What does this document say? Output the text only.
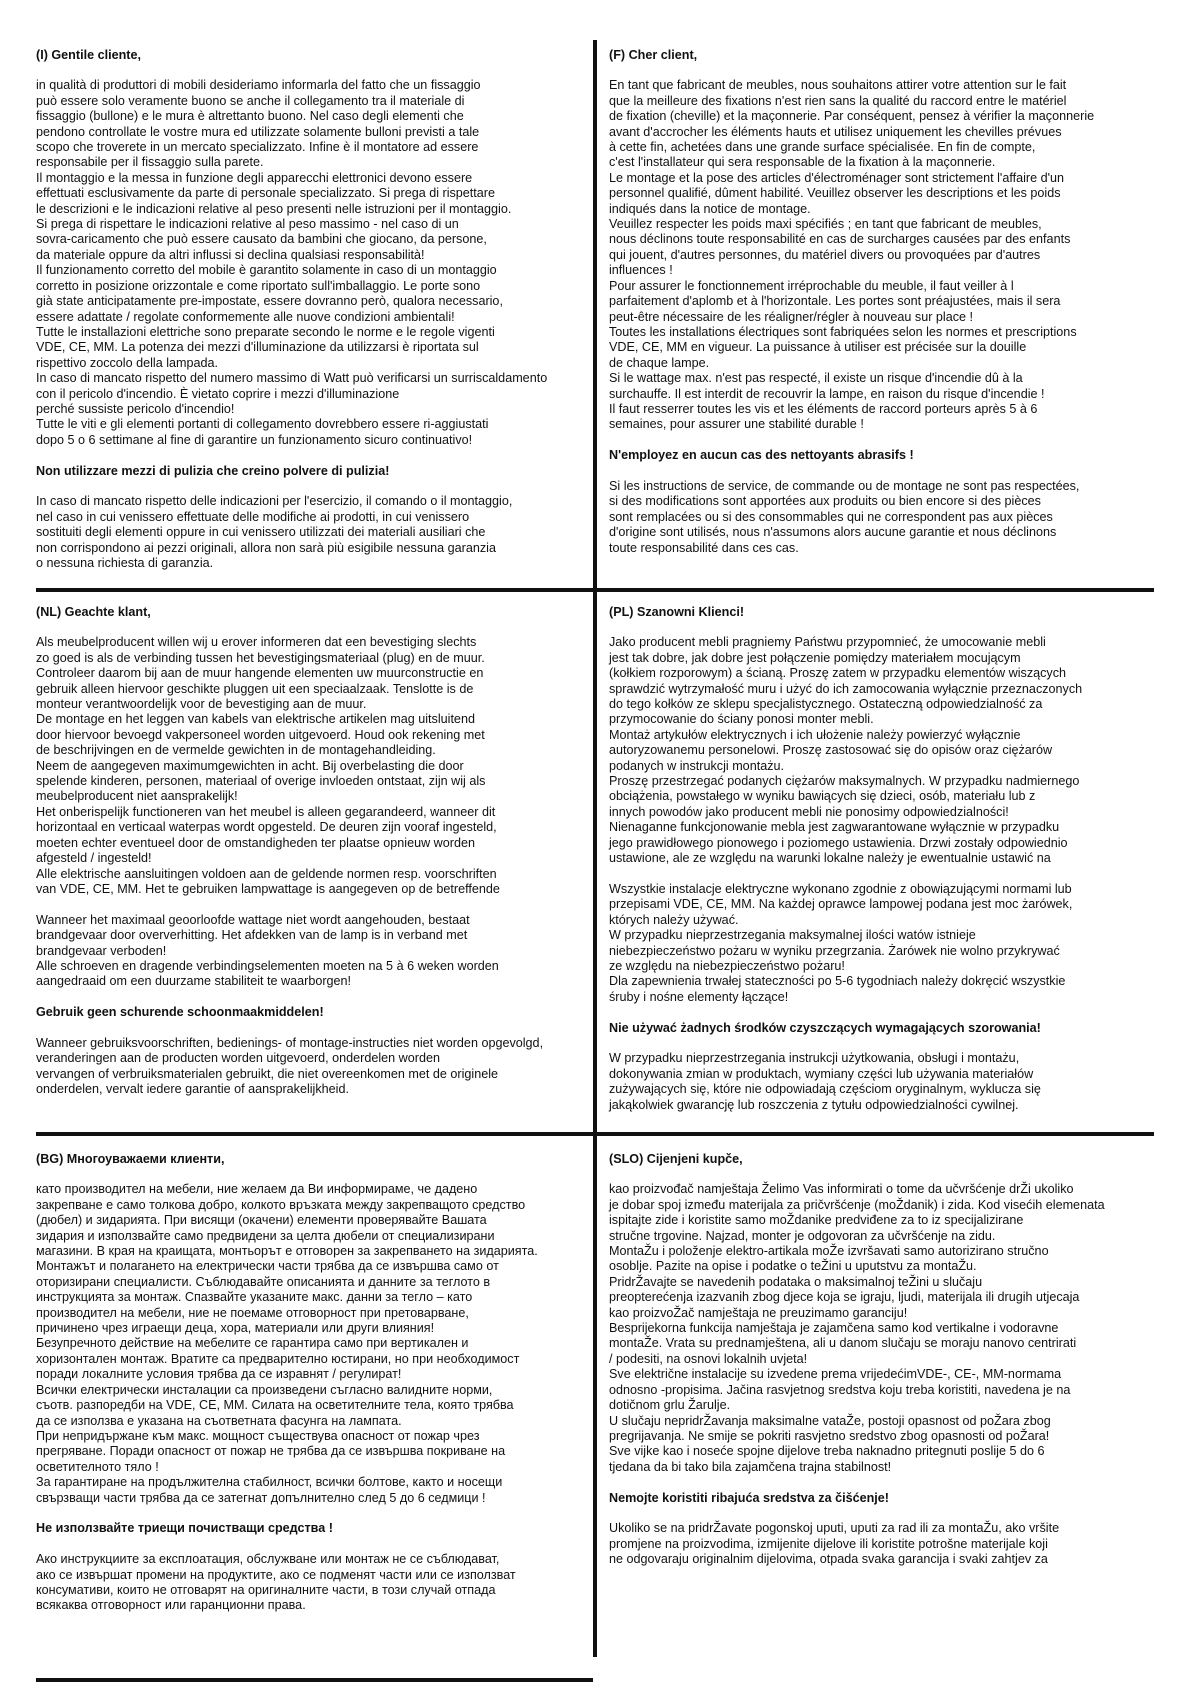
(I) Gentile cliente,

in qualità di produttori di mobili desideriamo informarla del fatto che un fissaggio
può essere solo veramente buono se anche il collegamento tra il materiale di
fissaggio (bullone) e le mura è altrettanto buono. Nel caso degli elementi che
pendono controllate le vostre mura ed utilizzate solamente bulloni previsti a tale
scopo che troverete in un mercato specializzato. Infine è il montatore ad essere
responsabile per il fissaggio sulla parete.
Il montaggio e la messa in funzione degli apparecchi elettronici devono essere
effettuati esclusivamente da parte di personale specializzato. Si prega di rispettare
le descrizioni e le indicazioni relative al peso presenti nelle istruzioni per il montaggio.
Si prega di rispettare le indicazioni relative al peso massimo - nel caso di un
sovra-caricamento che può essere causato da bambini che giocano, da persone,
da materiale oppure da altri influssi si declina qualsiasi responsabilità!
Il funzionamento corretto del mobile è garantito solamente in caso di un montaggio
corretto in posizione orizzontale e come riportato sull'imballaggio. Le porte sono
già state anticipatamente pre-impostate, essere dovranno però, qualora necessario,
essere adattate / regolate conformemente alle nuove condizioni ambientali!
Tutte le installazioni elettriche sono preparate secondo le norme e le regole vigenti
VDE, CE, MM. La potenza dei mezzi d'illuminazione da utilizzarsi è riportata sul
rispettivo zoccolo della lampada.
In caso di mancato rispetto del numero massimo di Watt può verificarsi un surriscaldamento
con il pericolo d'incendio. È vietato coprire i mezzi d'illuminazione
perché sussiste pericolo d'incendio!
Tutte le viti e gli elementi portanti di collegamento dovrebbero essere ri-aggiustati
dopo 5 o 6 settimane al fine di garantire un funzionamento sicuro continuativo!

Non utilizzare mezzi di pulizia che creino polvere di pulizia!

In caso di mancato rispetto delle indicazioni per l'esercizio, il comando o il montaggio,
nel caso in cui venissero effettuate delle modifiche ai prodotti, in cui venissero
sostituiti degli elementi oppure in cui venissero utilizzati dei materiali ausiliari che
non corrispondono ai pezzi originali, allora non sarà più esigibile nessuna garanzia
o nessuna richiesta di garanzia.

(F) Cher client,

En tant que fabricant de meubles, nous souhaitons attirer votre attention sur le fait
que la meilleure des fixations n'est rien sans la qualité du raccord entre le matériel
de fixation (cheville) et la maçonnerie. Par conséquent, pensez à vérifier la maçonnerie
avant d'accrocher les éléments hauts et utilisez uniquement les chevilles prévues
à cette fin, achetées dans une grande surface spécialisée. En fin de compte,
c'est l'installateur qui sera responsable de la fixation à la maçonnerie.
Le montage et la pose des articles d'électroménager sont strictement l'affaire d'un
personnel qualifié, dûment habilité. Veuillez observer les descriptions et les poids
indiqués dans la notice de montage.
Veuillez respecter les poids maxi spécifiés ; en tant que fabricant de meubles,
nous déclinons toute responsabilité en cas de surcharges causées par des enfants
qui jouent, d'autres personnes, du matériel divers ou provoquées par d'autres
influences !
Pour assurer le fonctionnement irréprochable du meuble, il faut veiller à l
parfaitement d'aplomb et à l'horizontale. Les portes sont préajustées, mais il sera
peut-être nécessaire de les réaligner/régler à nouveau sur place !
Toutes les installations électriques sont fabriquées selon les normes et prescriptions
VDE, CE, MM en vigueur. La puissance à utiliser est précisée sur la douille
de chaque lampe.
Si le wattage max. n'est pas respecté, il existe un risque d'incendie dû à la
surchauffe. Il est interdit de recouvrir la lampe, en raison du risque d'incendie !
Il faut resserrer toutes les vis et les éléments de raccord porteurs après 5 à 6
semaines, pour assurer une stabilité durable !

N'employez en aucun cas des nettoyants abrasifs !

Si les instructions de service, de commande ou de montage ne sont pas respectées,
si des modifications sont apportées aux produits ou bien encore si des pièces
sont remplacées ou si des consommables qui ne correspondent pas aux pièces
d'origine sont utilisés, nous n'assumons alors aucune garantie et nous déclinons
toute responsabilité dans ces cas.

(NL) Geachte klant,

Als meubelproducent willen wij u erover informeren dat een bevestiging slechts
zo goed is als de verbinding tussen het bevestigingsmateriaal (plug) en de muur.
Controleer daarom bij aan de muur hangende elementen uw muurconstructie en
gebruik alleen hiervoor geschikte pluggen uit een speciaalzaak. Tenslotte is de
monteur verantwoordelijk voor de bevestiging aan de muur.
De montage en het leggen van kabels van elektrische artikelen mag uitsluitend
door hiervoor bevoegd vakpersoneel worden uitgevoerd. Houd ook rekening met
de beschrijvingen en de vermelde gewichten in de montagehandleiding.
Neem de aangegeven maximumgewichten in acht. Bij overbelasting die door
spelende kinderen, personen, materiaal of overige invloeden ontstaat, zijn wij als
meubelproducent niet aansprakelijk!
Het onberispelijk functioneren van het meubel is alleen gegarandeerd, wanneer dit
horizontaal en verticaal waterpas wordt opgesteld. De deuren zijn vooraf ingesteld,
moeten echter eventueel door de omstandigheden ter plaatse opnieuw worden
afgesteld / ingesteld!
Alle elektrische aansluitingen voldoen aan de geldende normen resp. voorschriften
van VDE, CE, MM. Het te gebruiken lampwattage is aangegeven op de betreffende

Wanneer het maximaal geoorloofde wattage niet wordt aangehouden, bestaat
brandgevaar door oververhitting. Het afdekken van de lamp is in verband met
brandgevaar verboden!
Alle schroeven en dragende verbindingselementen moeten na 5 à 6 weken worden
aangedraaid om een duurzame stabiliteit te waarborgen!

Gebruik geen schurende schoonmaakmiddelen!

Wanneer gebruiksvoorschriften, bedienings- of montage-instructies niet worden opgevolgd,
veranderingen aan de producten worden uitgevoerd, onderdelen worden
vervangen of verbruiksmaterialen gebruikt, die niet overeenkomen met de originele
onderdelen, vervalt iedere garantie of aansprakelijkheid.

(PL) Szanowni Klienci!

Jako producent mebli pragniemy Państwu przypomnieć, że umocowanie mebli
jest tak dobre, jak dobre jest połączenie pomiędzy materiałem mocującym
(kołkiem rozporowym) a ścianą. Proszę zatem w przypadku elementów wiszących
sprawdzić wytrzymałość muru i użyć do ich zamocowania wyłącznie przeznaczonych
do tego kołków ze sklepu specjalistycznego. Ostateczną odpowiedzialność za
przymocowanie do ściany ponosi monter mebli.
Montaż artykułów elektrycznych i ich ułożenie należy powierzyć wyłącznie
autoryzowanemu personelowi. Proszę zastosować się do opisów oraz ciężarów
podanych w instrukcji montażu.
Proszę przestrzegać podanych ciężarów maksymalnych. W przypadku nadmiernego
obciążenia, powstałego w wyniku bawiących się dzieci, osób, materiału lub z
innych powodów jako producent mebli nie ponosimy odpowiedzialności!
Nienaganne funkcjonowanie mebla jest zagwarantowane wyłącznie w przypadku
jego prawidłowego pionowego i poziomego ustawienia. Drzwi zostały odpowiednio
ustawione, ale ze względu na warunki lokalne należy je ewentualnie ustawić na

Wszystkie instalacje elektryczne wykonano zgodnie z obowiązującymi normami lub
przepisami VDE, CE, MM. Na każdej oprawce lampowej podana jest moc żarówek,
których należy używać.
W przypadku nieprzestrzegania maksymalnej ilości watów istnieje
niebezpieczeństwo pożaru w wyniku przegrzania. Żarówek nie wolno przykrywać
ze względu na niebezpieczeństwo pożaru!
Dla zapewnienia trwałej stateczności po 5-6 tygodniach należy dokręcić wszystkie
śruby i nośne elementy łączące!

Nie używać żadnych środków czyszczących wymagających szorowania!

W przypadku nieprzestrzegania instrukcji użytkowania, obsługi i montażu,
dokonywania zmian w produktach, wymiany części lub używania materiałów
zużywających się, które nie odpowiadają częściom oryginalnym, wyklucza się
jakąkolwiek gwarancję lub roszczenia z tytułu odpowiedzialności cywilnej.

(BG) Многоуважаеми клиенти,

като производител на мебели, ние желаем да Ви информираме, че дадено
закрепване е само толкова добро, колкото връзката между закрепващото средство
(дюбел) и зидарията. При висящи (окачени) елементи проверявайте Вашата
зидария и използвайте само предвидени за целта дюбели от специализирани
магазини. В края на краищата, монтьорът е отговорен за закрепването на зидарията.
Монтажът и полагането на електрически части трябва да се извършва само от
оторизирани специалисти. Съблюдавайте описанията и данните за теглото в
инструкцията за монтаж. Спазвайте указаните макс. данни за тегло – като
производител на мебели, ние не поемаме отговорност при претоварване,
причинено чрез играещи деца, хора, материали или други влияния!
Безупречното действие на мебелите се гарантира само при вертикален и
хоризонтален монтаж. Вратите са предварително юстирани, но при необходимост
поради локалните условия трябва да се изравнят / регулират!
Всички електрически инсталации са произведени съгласно валидните норми,
съотв. разпоредби на VDE, CE, MM. Силата на осветителните тела, която трябва
да се използва е указана на съответната фасунга на лампата.
При непридържане към макс. мощност съществува опасност от пожар чрез
прегряване. Поради опасност от пожар не трябва да се извършва покриване на
осветителното тяло !
За гарантиране на продължителна стабилност, всички болтове, както и носещи
свързващи части трябва да се затегнат допълнително след 5 до 6 седмици !

Не използвайте триещи почистващи средства !

Ако инструкциите за експлоатация, обслужване или монтаж не се съблюдават,
ако се извършат промени на продуктите, ако се подменят части или се използват
консумативи, които не отговарят на оригиналните части, в този случай отпада
всякаква отговорност или гаранционни права.

(SLO) Cijenjeni kupče,

kao proizvođač namještaja Želimo Vas informirati o tome da učvršćenje drŽi ukoliko
je dobar spoj između materijala za pričvršćenje (moŽdanik) i zida. Kod visećih elemenata
ispitajte zide i koristite samo moŽdanike predviđene za to iz specijalizirane
stručne trgovine. Najzad, monter je odgovoran za učvršćenje na zidu.
MontaŽu i položenje elektro-artikala moŽe izvršavati samo autorizirano stručno
osoblje. Pazite na opise i podatke o teŽini u uputstvu za montaŽu.
PridrŽavajte se navedenih podataka o maksimalnoj teŽini u slučaju
preopterećenja izazvanih zbog djece koja se igraju, ljudi, materijala ili drugih utjecaja
kao proizvoŽač namještaja ne preuzimamo garanciju!
Besprijekorna funkcija namještaja je zajamčena samo kod vertikalne i vodoravne
montaŽe. Vrata su prednamještena, ali u danom slučaju se moraju nanovo centrirati
/ podesiti, na osnovi lokalnih uvjeta!
Sve električne instalacije su izvedene prema vrijedećimVDE-, CE-, MM-normama
odnosno -propisima. Jačina rasvjetnog sredstva koju treba koristiti, navedena je na
dotičnom grlu Žarulje.
U slučaju nepridrŽavanja maksimalne vataŽe, postoji opasnost od poŽara zbog
pregrijavanja. Ne smije se pokriti rasvjetno sredstvo zbog opasnosti od poŽara!
Sve vijke kao i noseće spojne dijelove treba naknadno pritegnuti poslije 5 do 6
tjedana da bi tako bila zajamčena trajna stabilnost!

Nemojte koristiti ribajuća sredstva za čišćenje!

Ukoliko se na pridrŽavate pogonskoj uputi, uputi za rad ili za montaŽu, ako vršite
promjene na proizvodima, izmijenite dijelove ili koristite potrošne materijale koji
ne odgovaraju originalnim dijelovima, otpada svaka garancija i svaki zahtjev za
